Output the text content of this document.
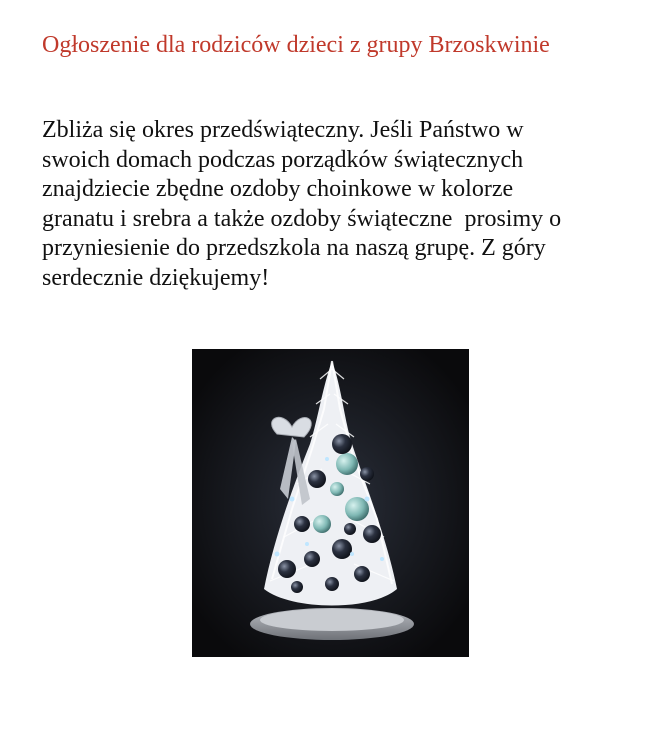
Ogłoszenie dla rodziców dzieci z grupy Brzoskwinie
Zbliża się okres przedświąteczny. Jeśli Państwo w
swoich domach podczas porządków świątecznych
znajdziecie zbędne ozdoby choinkowe w kolorze
granatu i srebra a także ozdoby świąteczne  prosimy o
przyniesienie do przedszkola na naszą grupę. Z góry
serdecznie dziękujemy!
